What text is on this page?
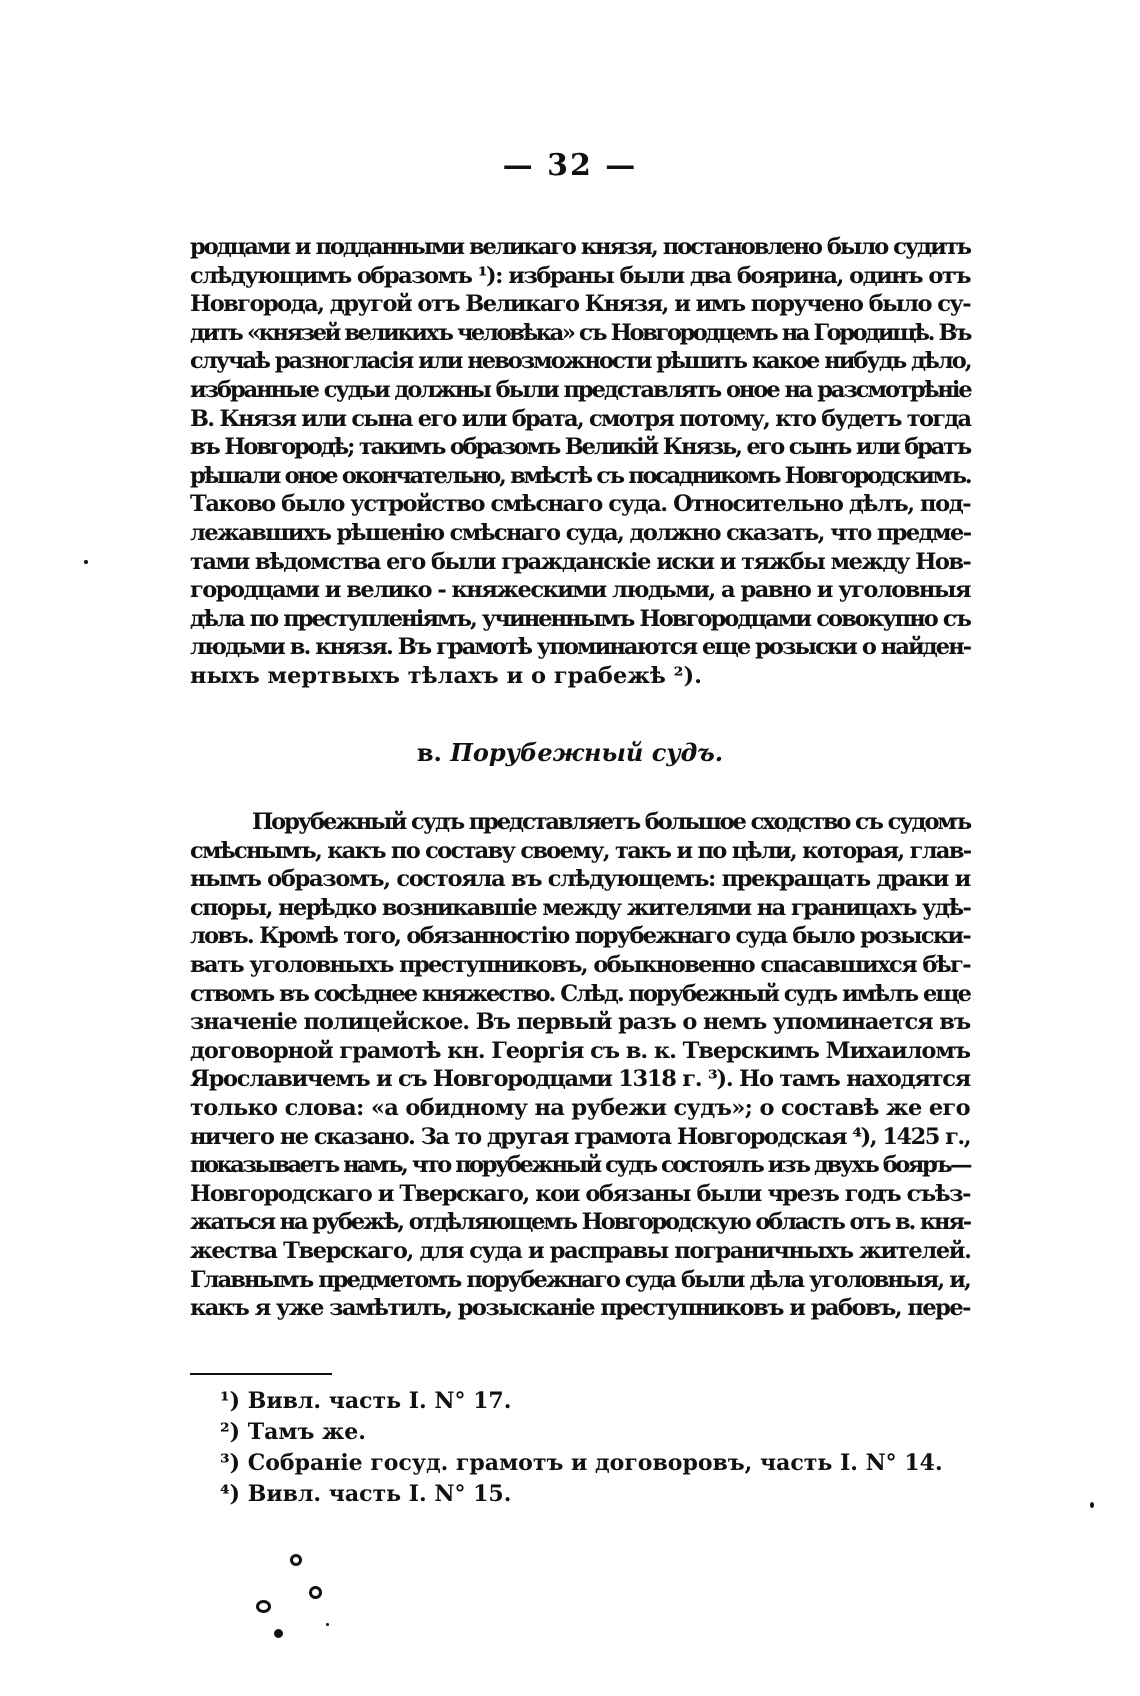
— 32 —
родцами и подданными великаго князя, постановлено было судить
слѣдующимъ образомъ ¹): избраны были два боярина, одинъ отъ
Новгорода, другой отъ Великаго Князя, и имъ поручено было су-
дить «князей великихъ человѣка» съ Новгородцемъ на Городищѣ. Въ
случаѣ разногласія или невозможности рѣшить какое нибудь дѣло,
избранные судьи должны были представлять оное на разсмотрѣніе
В. Князя или сына его или брата, смотря потому, кто будетъ тогда
въ Новгородѣ; такимъ образомъ Великій Князь, его сынъ или братъ
рѣшали оное окончательно, вмѣстѣ съ посадникомъ Новгородскимъ.
Таково было устройство смѣснаго суда. Относительно дѣлъ, под-
лежавшихъ рѣшенію смѣснаго суда, должно сказать, что предме-
тами вѣдомства его были гражданскіе иски и тяжбы между Нов-
городцами и велико - княжескими людьми, а равно и уголовныя
дѣла по преступленіямъ, учиненнымъ Новгородцами совокупно съ
людьми в. князя. Въ грамотѣ упоминаются еще розыски о найден-
ныхъ мертвыхъ тѣлахъ и о грабежѣ ²).
в. Порубежный судъ.
Порубежный судъ представляетъ большое сходство съ судомъ
смѣснымъ, какъ по составу своему, такъ и по цѣли, которая, глав-
нымъ образомъ, состояла въ слѣдующемъ: прекращать драки и
споры, нерѣдко возникавшіе между жителями на границахъ удѣ-
ловъ. Кромѣ того, обязанностію порубежнаго суда было розыски-
вать уголовныхъ преступниковъ, обыкновенно спасавшихся бѣг-
ствомъ въ сосѣднее княжество. Слѣд. порубежный судъ имѣлъ еще
значеніе полицейское. Въ первый разъ о немъ упоминается въ
договорной грамотѣ кн. Георгія съ в. к. Тверскимъ Михаиломъ
Ярославичемъ и съ Новгородцами 1318 г. ³). Но тамъ находятся
только слова: «а обидному на рубежи судъ»; о составѣ же его
ничего не сказано. За то другая грамота Новгородская ⁴), 1425 г.,
показываетъ намъ, что порубежный судъ состоялъ изъ двухъ бояръ—
Новгородскаго и Тверскаго, кои обязаны были чрезъ годъ съѣз-
жаться на рубежѣ, отдѣляющемъ Новгородскую область отъ в. кня-
жества Тверскаго, для суда и расправы пограничныхъ жителей.
Главнымъ предметомъ порубежнаго суда были дѣла уголовныя, и,
какъ я уже замѣтилъ, розысканіе преступниковъ и рабовъ, пере-
¹) Вивл. часть I. N° 17.
²) Тамъ же.
³) Собраніе госуд. грамотъ и договоровъ, часть I. N° 14.
⁴) Вивл. часть I. N° 15.
